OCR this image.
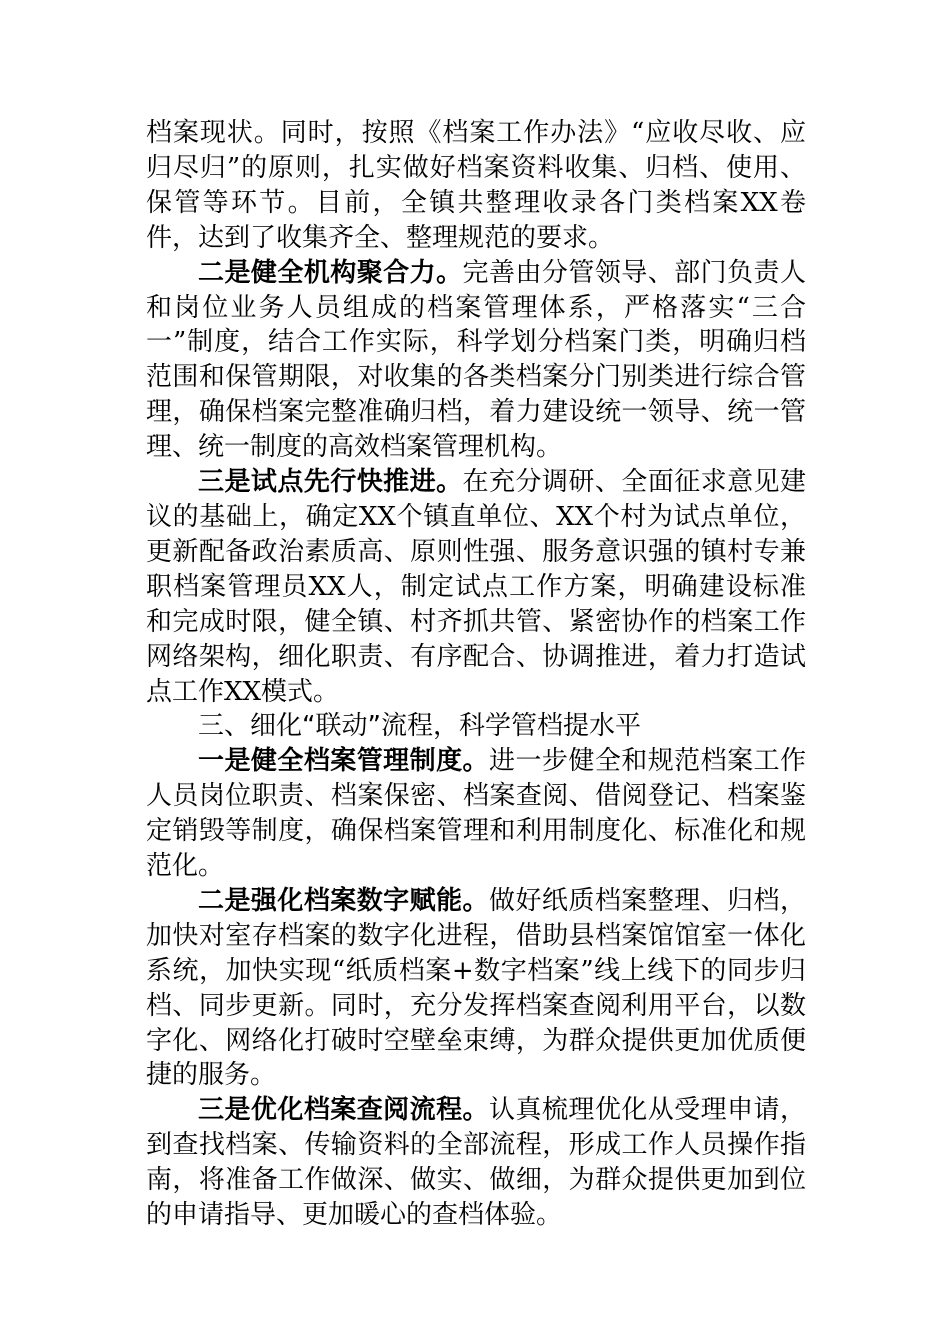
档案现状。同时，按照《档案工作办法》“应收尽收、应归尽归”的原则，扎实做好档案资料收集、归档、使用、保管等环节。目前，全镇共整理收录各门类档案XX卷件，达到了收集齐全、整理规范的要求。

二是健全机构聚合力。完善由分管领导、部门负责人和岗位业务人员组成的档案管理体系，严格落实“三合一”制度，结合工作实际，科学划分档案门类，明确归档范围和保管期限，对收集的各类档案分门别类进行综合管理，确保档案完整准确归档，着力建设统一领导、统一管理、统一制度的高效档案管理机构。

三是试点先行快推进。在充分调研、全面征求意见建议的基础上，确定XX个镇直单位、XX个村为试点单位，更新配备政治素质高、原则性强、服务意识强的镇村专兼职档案管理员XX人，制定试点工作方案，明确建设标准和完成时限，健全镇、村齐抓共管、紧密协作的档案工作网络架构，细化职责、有序配合、协调推进，着力打造试点工作XX模式。

三、细化“联动”流程，科学管档提水平

一是健全档案管理制度。进一步健全和规范档案工作人员岗位职责、档案保密、档案查阅、借阅登记、档案鉴定销毁等制度，确保档案管理和利用制度化、标准化和规范化。

二是强化档案数字赋能。做好纸质档案整理、归档，加快对室存档案的数字化进程，借助县档案馆馆室一体化系统，加快实现“纸质档案+数字档案”线上线下的同步归档、同步更新。同时，充分发挥档案查阅利用平台，以数字化、网络化打破时空壁垒束缚，为群众提供更加优质便捷的服务。

三是优化档案查阅流程。认真梳理优化从受理申请，到查找档案、传输资料的全部流程，形成工作人员操作指南，将准备工作做深、做实、做细，为群众提供更加到位的申请指导、更加暖心的查档体验。
